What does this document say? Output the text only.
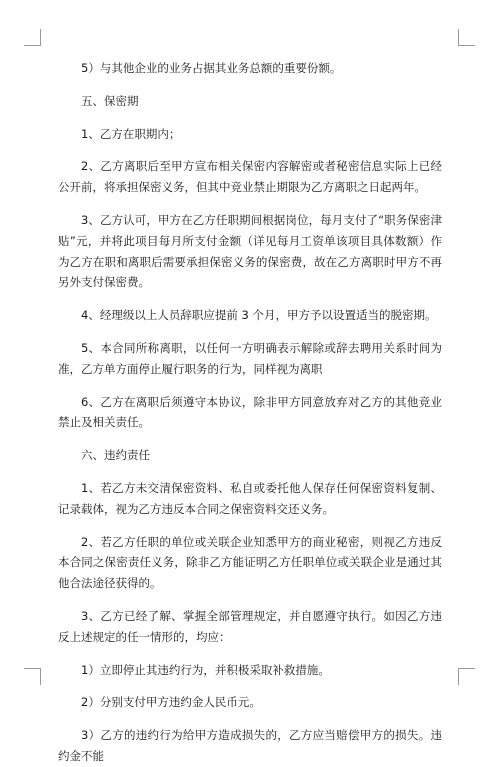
5）与其他企业的业务占据其业务总额的重要份额。

五、保密期

1、乙方在职期内；

2、乙方离职后至甲方宣布相关保密内容解密或者秘密信息实际上已经公开前，将承担保密义务，但其中竞业禁止期限为乙方离职之日起两年。

3、乙方认可，甲方在乙方任职期间根据岗位，每月支付了“职务保密津贴”元，并将此项目每月所支付金额（详见每月工资单该项目具体数额）作为乙方在职和离职后需要承担保密义务的保密费，故在乙方离职时甲方不再另外支付保密费。

4、经理级以上人员辞职应提前 3 个月，甲方予以设置适当的脱密期。

5、本合同所称离职，以任何一方明确表示解除或辞去聘用关系时间为准，乙方单方面停止履行职务的行为，同样视为离职

6、乙方在离职后须遵守本协议，除非甲方同意放弃对乙方的其他竞业禁止及相关责任。

六、违约责任

1、若乙方未交清保密资料、私自或委托他人保存任何保密资料复制、记录载体，视为乙方违反本合同之保密资料交还义务。

2、若乙方任职的单位或关联企业知悉甲方的商业秘密，则视乙方违反本合同之保密责任义务，除非乙方能证明乙方任职单位或关联企业是通过其他合法途径获得的。

3、乙方已经了解、掌握全部管理规定，并自愿遵守执行。如因乙方违反上述规定的任一情形的，均应：

1）立即停止其违约行为，并积极采取补救措施。

2）分别支付甲方违约金人民币元。

3）乙方的违约行为给甲方造成损失的，乙方应当赔偿甲方的损失。违约金不能
